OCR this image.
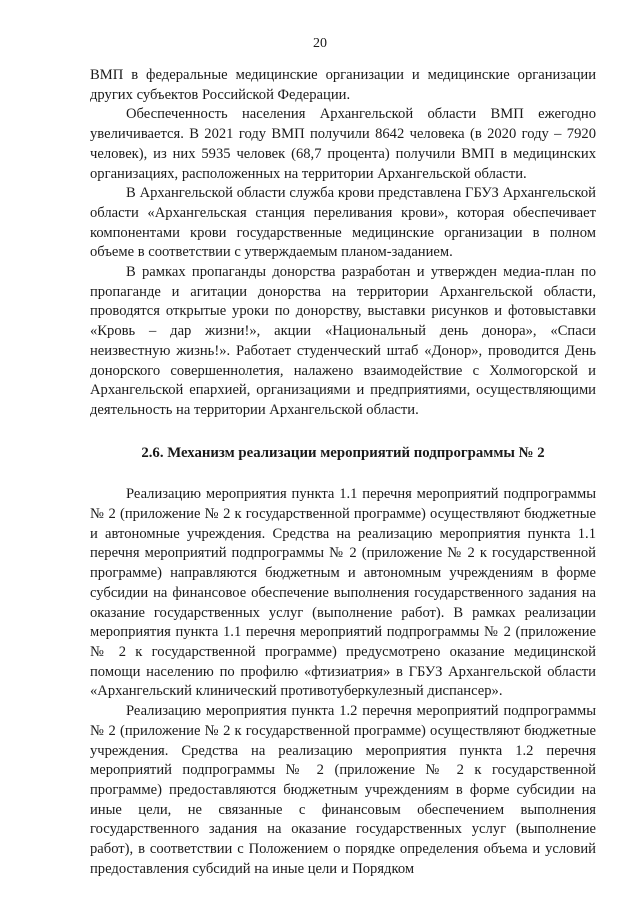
20

ВМП в федеральные медицинские организации и медицинские организации других субъектов Российской Федерации.

Обеспеченность населения Архангельской области ВМП ежегодно увеличивается. В 2021 году ВМП получили 8642 человека (в 2020 году – 7920 человек), из них 5935 человек (68,7 процента) получили ВМП в медицинских организациях, расположенных на территории Архангельской области.

В Архангельской области служба крови представлена ГБУЗ Архангельской области «Архангельская станция переливания крови», которая обеспечивает компонентами крови государственные медицинские организации в полном объеме в соответствии с утверждаемым планом-заданием.

В рамках пропаганды донорства разработан и утвержден медиа-план по пропаганде и агитации донорства на территории Архангельской области, проводятся открытые уроки по донорству, выставки рисунков и фотовыставки «Кровь – дар жизни!», акции «Национальный день донора», «Спаси неизвестную жизнь!». Работает студенческий штаб «Донор», проводится День донорского совершеннолетия, налажено взаимодействие с Холмогорской и Архангельской епархией, организациями и предприятиями, осуществляющими деятельность на территории Архангельской области.

2.6. Механизм реализации мероприятий подпрограммы № 2

Реализацию мероприятия пункта 1.1 перечня мероприятий подпрограммы № 2 (приложение № 2 к государственной программе) осуществляют бюджетные и автономные учреждения. Средства на реализацию мероприятия пункта 1.1 перечня мероприятий подпрограммы № 2 (приложение № 2 к государственной программе) направляются бюджетным и автономным учреждениям в форме субсидии на финансовое обеспечение выполнения государственного задания на оказание государственных услуг (выполнение работ). В рамках реализации мероприятия пункта 1.1 перечня мероприятий подпрограммы № 2 (приложение № 2 к государственной программе) предусмотрено оказание медицинской помощи населению по профилю «фтизиатрия» в ГБУЗ Архангельской области «Архангельский клинический противотуберкулезный диспансер».

Реализацию мероприятия пункта 1.2 перечня мероприятий подпрограммы № 2 (приложение № 2 к государственной программе) осуществляют бюджетные учреждения. Средства на реализацию мероприятия пункта 1.2 перечня мероприятий подпрограммы № 2 (приложение № 2 к государственной программе) предоставляются бюджетным учреждениям в форме субсидии на иные цели, не связанные с финансовым обеспечением выполнения государственного задания на оказание государственных услуг (выполнение работ), в соответствии с Положением о порядке определения объема и условий предоставления субсидий на иные цели и Порядком
